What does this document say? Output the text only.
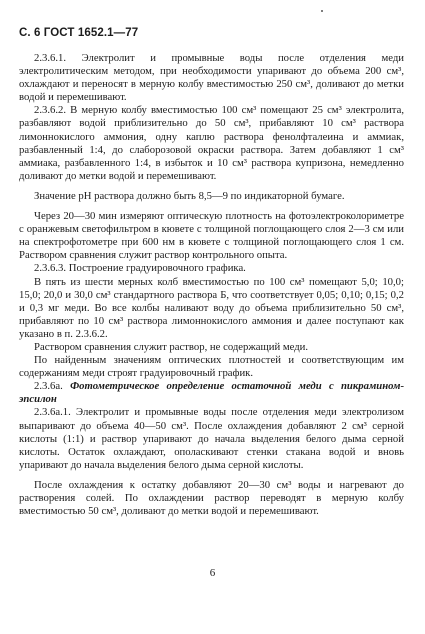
С. 6 ГОСТ 1652.1—77

2.3.6.1. Электролит и промывные воды после отделения меди электролитическим методом, при необходимости упаривают до объема 200 см³, охлаждают и переносят в мерную колбу вместимостью 250 см³, доливают до метки водой и перемешивают.

2.3.6.2. В мерную колбу вместимостью 100 см³ помещают 25 см³ электролита, разбавляют водой приблизительно до 50 см³, прибавляют 10 см³ раствора лимоннокислого аммония, одну каплю раствора фенолфталеина и аммиак, разбавленный 1:4, до слаборозовой окраски раствора. Затем добавляют 1 см³ аммиака, разбавленного 1:4, в избыток и 10 см³ раствора купризона, немедленно доливают до метки водой и перемешивают.

Значение pH раствора должно быть 8,5—9 по индикаторной бумаге.

Через 20—30 мин измеряют оптическую плотность на фотоэлектроколориметре с оранжевым светофильтром в кювете с толщиной поглощающего слоя 2—3 см или на спектрофотометре при 600 нм в кювете с толщиной поглощающего слоя 1 см. Раствором сравнения служит раствор контрольного опыта.

2.3.6.3. Построение градуировочного графика.

В пять из шести мерных колб вместимостью по 100 см³ помещают 5,0; 10,0; 15,0; 20,0 и 30,0 см³ стандартного раствора Б, что соответствует 0,05; 0,10; 0,15; 0,2 и 0,3 мг меди. Во все колбы наливают воду до объема приблизительно 50 см³, прибавляют по 10 см³ раствора лимоннокислого аммония и далее поступают как указано в п. 2.3.6.2.

Раствором сравнения служит раствор, не содержащий меди.

По найденным значениям оптических плотностей и соответствующим им содержаниям меди строят градуировочный график.

2.3.6а. Фотометрическое определение остаточной меди с пикрамином-эпсилон

2.3.6а.1. Электролит и промывные воды после отделения меди электролизом выпаривают до объема 40—50 см³. После охлаждения добавляют 2 см³ серной кислоты (1:1) и раствор упаривают до начала выделения белого дыма серной кислоты. Остаток охлаждают, ополаскивают стенки стакана водой и вновь упаривают до начала выделения белого дыма серной кислоты.

После охлаждения к остатку добавляют 20—30 см³ воды и нагревают до растворения солей. По охлаждении раствор переводят в мерную колбу вместимостью 50 см³, доливают до метки водой и перемешивают.

6
